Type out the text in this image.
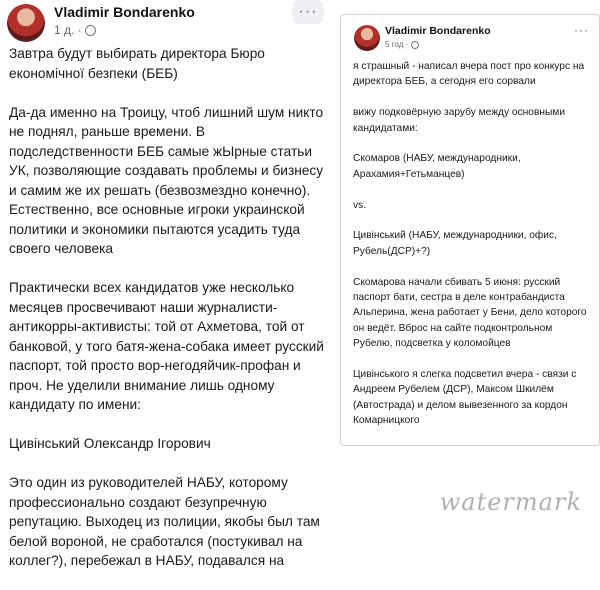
Vladimir Bondarenko
1 д. ·
···

Завтра будут выбирать директора Бюро економічної безпеки (БЕБ)

Да-да именно на Троицу, чтоб лишний шум никто не поднял, раньше времени. В подследственности БЕБ самые жЫрные статьи УК, позволяющие создавать проблемы и бизнесу и самим же их решать (безвозмездно конечно). Естественно, все основные игроки украинской политики и экономики пытаются усадить туда своего человека

Практически всех кандидатов уже несколько месяцев просвечивают наши журналисти-антикорры-активисты: той от Ахметова, той от банковой, у того батя-жена-собака имеет русский паспорт, той просто вор-негодяйчик-профан и проч. Не уделили внимание лишь одному кандидату по имени:

Цивінський Олександр Ігорович

Это один из руководителей НАБУ, которому профессионально создают безупречную репутацию. Выходец из полиции, якобы был там белой вороной, не сработался (постукивал на коллег?), перебежал в НАБУ, подавался на

Vladimir Bondarenko
5 год ·
···

я страшный - написал вчера пост про конкурс на директора БЕБ, а сегодня его сорвали

вижу подковёрную зарубу между основными кандидатами:

Скомаров (НАБУ, международники, Арахамия+Гетьманцев)

vs.

Цивінський (НАБУ, международники, офис, Рубель(ДСР)+?)

Скомарова начали сбивать 5 июня: русский паспорт бати, сестра в деле контрабандиста Альперина, жена работает у Бени, дело которого он ведёт. Вброс на сайте подконтрольном Рубелю, подсветка у коломойцев

Цивінського я слегка подсветил вчера - связи с Андреем Рубелем (ДСР), Максом Шкилём (Автострада) и делом вывезенного за кордон Комарницкого

watermark
